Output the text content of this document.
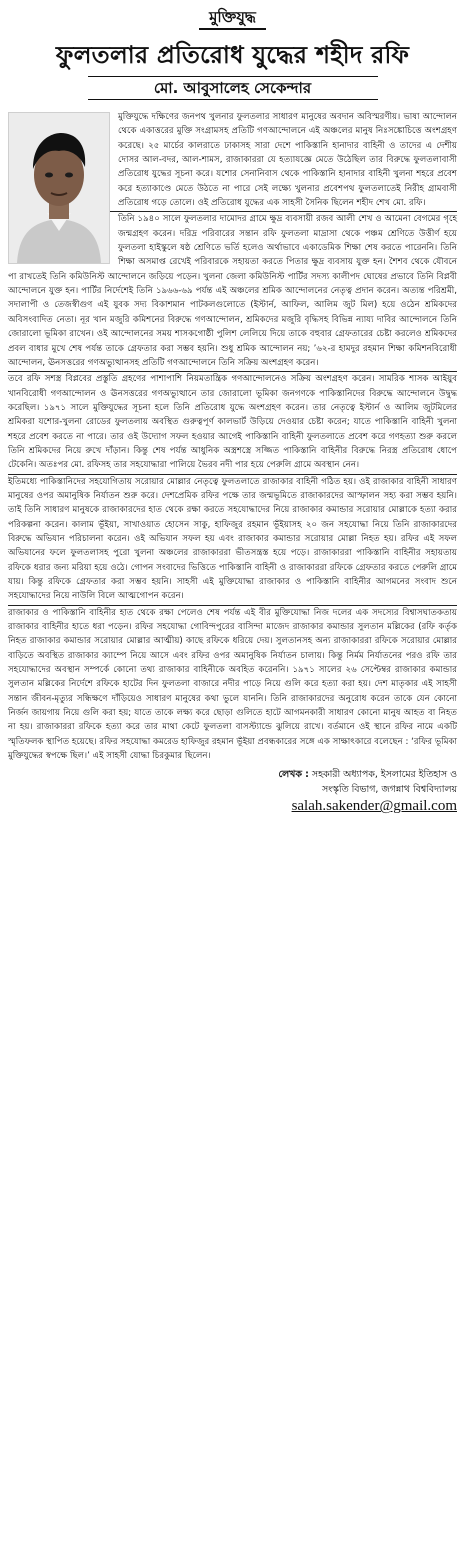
মুক্তিযুদ্ধ
ফুলতলার প্রতিরোধ যুদ্ধের শহীদ রফি
মো. আবুসালেহ সেকেন্দার

মুক্তিযুদ্ধে দক্ষিণের জনপথ খুলনার ফুলতলার সাধারণ মানুষের অবদান অবিস্মরণীয়। ভাষা আন্দোলন থেকে একাত্তরের মুক্তি সংগ্রামসহ প্রতিটি গণআন্দোলনে এই অঞ্চলের মানুষ নিঃসঙ্কোচিত্তে অংশগ্রহণ করেছে। ২৫ মার্চের কালরাতে ঢাকাসহ সারা দেশে পাকিস্তানি হানাদার বাহিনী ও তাদের এ দেশীয় দোসর আল-বদর, আল-শামস, রাজাকাররা যে হত্যাযজ্ঞে মেতে উঠেছিল তার বিরুদ্ধে ফুলতলাবাসী প্রতিরোধ যুদ্ধের সূচনা করে। যশোর সেনানিবাস থেকে পাকিস্তানি হানাদার বাহিনী খুলনা শহরে প্রবেশ করে হত্যাকাণ্ডে মেতে উঠতে না পারে সেই লক্ষ্যে খুলনার প্রবেশপথ ফুলতলাতেই নিরীহ গ্রামবাসী প্রতিরোধ গড়ে তোলে। ওই প্রতিরোধ যুদ্ধের এক সাহসী সৈনিক ছিলেন শহীদ শেখ মো. রফি।

তিনি ১৯৪০ সালে ফুলতলার দামোদর গ্রামে ক্ষুদ্র ব্যবসায়ী রজব আলী শেখ ও আমেনা বেগমের গৃহে জন্মগ্রহণ করেন। দরিদ্র পরিবারের সন্তান রফি ফুলতলা মাদ্রাসা থেকে পঞ্চম শ্রেণিতে উত্তীর্ণ হয়ে ফুলতলা হাইস্কুলে ষষ্ঠ শ্রেণিতে ভর্তি হলেও অর্থাভাবে একাডেমিক শিক্ষা শেষ করতে পারেননি। তিনি শিক্ষা অসমাপ্ত রেখেই পরিবারকে সহায়তা করতে পিতার ক্ষুদ্র ব্যবসায় যুক্ত হন। শৈশব থেকে যৌবনে পা রাখতেই তিনি কমিউনিস্ট আন্দোলনে জড়িয়ে পড়েন। খুলনা জেলা কমিউনিস্ট পার্টির সদস্য কালীপদ ঘোষের প্রভাবে তিনি বিপ্লবী আন্দোলনে যুক্ত হন। পার্টির নির্দেশেই তিনি ১৯৬৬-৬৯ পর্যন্ত এই অঞ্চলের শ্রমিক আন্দোলনের নেতৃত্ব প্রদান করেন। অত্যন্ত পরিশ্রমী, সদালাপী ও তেজস্বীগুণ এই যুবক সদ্য বিকাশমান পাটকলগুলোতে (ইস্টার্ন, আফিল, আলিম জুট মিল) হয়ে ওঠেন শ্রমিকদের অবিসংবাদিত নেতা। নূর খান মজুরি কমিশনের বিরুদ্ধে গণআন্দোলন, শ্রমিকদের মজুরি বৃদ্ধিসহ বিভিন্ন ন্যায্য দাবির আন্দোলনে তিনি জোরালো ভূমিকা রাখেন। ওই আন্দোলনের সময় শাসকগোষ্ঠী পুলিশ লেলিয়ে দিয়ে তাকে বহুবার গ্রেফতারের চেষ্টা করলেও শ্রমিকদের প্রবল বাধার মুখে শেষ পর্যন্ত তাকে গ্রেফতার করা সম্ভব হয়নি। শুধু শ্রমিক আন্দোলন নয়; ’৬২-র হামদুর রহমান শিক্ষা কমিশনবিরোধী আন্দোলন, ঊনসত্তরের গণঅভ্যুত্থানসহ প্রতিটি গণআন্দোলনে তিনি সক্রিয় অংশগ্রহণ করেন।

তবে রফি সশস্ত্র বিপ্লবের প্রস্তুতি গ্রহণের পাশাপাশি নিয়মতান্ত্রিক গণআন্দোলনেও সক্রিয় অংশগ্রহণ করেন। সামরিক শাসক আইয়ুব খানবিরোধী গণআন্দোলন ও ঊনসত্তরের গণঅভ্যুত্থানে তার জোরালো ভূমিকা জনগণকে পাকিস্তানিদের বিরুদ্ধে আন্দোলনে উদ্বুদ্ধ করেছিল। ১৯৭১ সালে মুক্তিযুদ্ধের সূচনা হলে তিনি প্রতিরোধ যুদ্ধে অংশগ্রহণ করেন। তার নেতৃত্বে ইস্টার্ন ও আলিম জুটমিলের শ্রমিকরা যশোর-খুলনা রোডের ফুলতলায় অবস্থিত গুরুত্বপূর্ণ কালভার্ট উড়িয়ে দেওয়ার চেষ্টা করেন; যাতে পাকিস্তানি বাহিনী খুলনা শহরে প্রবেশ করতে না পারে। তার ওই উদ্যোগ সফল হওয়ার আগেই পাকিস্তানি বাহিনী ফুলতলাতে প্রবেশ করে গণহত্যা শুরু করলে তিনি শ্রমিকদের নিয়ে রুখে দাঁড়ান। কিন্তু শেষ পর্যন্ত আধুনিক অস্ত্রশস্ত্রে সজ্জিত পাকিস্তানি বাহিনীর বিরুদ্ধে নিরস্ত্র প্রতিরোধ ধোপে টেকেনি। অতঃপর মো. রফিসহ তার সহযোদ্ধারা পালিয়ে ভৈরব নদী পার হয়ে পেরুলি গ্রামে অবস্থান নেন।

ইতিমধ্যে পাকিস্তানিদের সহযোগিতায় সরোয়ার মোল্লার নেতৃত্বে ফুলতলাতে রাজাকার বাহিনী গঠিত হয়। ওই রাজাকার বাহিনী সাধারণ মানুষের ওপর অমানুষিক নির্যাতন শুরু করে। দেশপ্রেমিক রফির পক্ষে তার জন্মভূমিতে রাজাকারদের আস্ফালন সহ্য করা সম্ভব হয়নি। তাই তিনি সাধারণ মানুষকে রাজাকারদের হাত থেকে রক্ষা করতে সহযোদ্ধাদের নিয়ে রাজাকার কমান্ডার সরোয়ার মোল্লাকে হত্যা করার পরিকল্পনা করেন। কালাম ভূঁইয়া, সাখাওয়াত হোসেন সাকু, হাফিজুর রহমান ভূঁইয়াসহ ২০ জন সহযোদ্ধা নিয়ে তিনি রাজাকারদের বিরুদ্ধে অভিযান পরিচালনা করেন। ওই অভিযান সফল হয় এবং রাজাকার কমান্ডার সরোয়ার মোল্লা নিহত হয়। রফির এই সফল অভিযানের ফলে ফুলতলাসহ পুরো খুলনা অঞ্চলের রাজাকাররা ভীতসন্ত্রস্ত হয়ে পড়ে। রাজাকাররা পাকিস্তানি বাহিনীর সহায়তায় রফিকে ধরার জন্য মরিয়া হয়ে ওঠে। গোপন সংবাদের ভিত্তিতে পাকিস্তানি বাহিনী ও রাজাকাররা রফিকে গ্রেফতার করতে পেরুলি গ্রামে যায়। কিন্তু রফিকে গ্রেফতার করা সম্ভব হয়নি। সাহসী এই মুক্তিযোদ্ধা রাজাকার ও পাকিস্তানি বাহিনীর আগমনের সংবাদ শুনে সহযোদ্ধাদের নিয়ে নাউলি বিলে আত্মগোপন করেন।

রাজাকার ও পাকিস্তানি বাহিনীর হাত থেকে রক্ষা পেলেও শেষ পর্যন্ত এই বীর মুক্তিযোদ্ধা নিজ দলের এক সদস্যের বিশ্বাসঘাতকতায় রাজাকার বাহিনীর হাতে ধরা পড়েন। রফির সহযোদ্ধা গোবিন্দপুরের বাসিন্দা মাজেদ রাজাকার কমান্ডার সুলতান মল্লিকের (রফি কর্তৃক নিহত রাজাকার কমান্ডার সরোয়ার মোল্লার আত্মীয়) কাছে রফিকে ধরিয়ে দেয়। সুলতানসহ অন্য রাজাকাররা রফিকে সরোয়ার মোল্লার বাড়িতে অবস্থিত রাজাকার ক্যাম্পে নিয়ে আসে এবং রফির ওপর অমানুষিক নির্যাতন চালায়। কিন্তু নির্মম নির্যাতনের পরও রফি তার সহযোদ্ধাদের অবস্থান সম্পর্কে কোনো তথ্য রাজাকার বাহিনীকে অবহিত করেননি। ১৯৭১ সালের ২৬ সেপ্টেম্বর রাজাকার কমান্ডার সুলতান মল্লিকের নির্দেশে রফিকে হাটের দিন ফুলতলা বাজারে নদীর পাড়ে নিয়ে গুলি করে হত্যা করা হয়। দেশ মাতৃকার এই সাহসী সন্তান জীবন-মৃত্যুর সন্ধিক্ষণে দাঁড়িয়েও সাধারণ মানুষের কথা ভুলে যাননি। তিনি রাজাকারদের অনুরোধ করেন তাকে যেন কোনো নির্জন জায়গায় নিয়ে গুলি করা হয়; যাতে তাকে লক্ষ্য করে ছোড়া গুলিতে হাটে আগমনকারী সাধারণ কোনো মানুষ আহত বা নিহত না হয়। রাজাকাররা রফিকে হত্যা করে তার মাথা কেটে ফুলতলা বাসস্ট্যান্ডে ঝুলিয়ে রাখে। বর্তমানে ওই স্থানে রফির নামে একটি স্মৃতিফলক স্থাপিত হয়েছে। রফির সহযোদ্ধা কমরেড হাফিজুর রহমান ভূঁইয়া প্রবন্ধকারের সঙ্গে এক সাক্ষাৎকারে বলেছেন : ‘রফির ভূমিকা মুক্তিযুদ্ধের স্বপক্ষে ছিল।’ এই সাহসী যোদ্ধা চিরকুমার ছিলেন।

লেখক : সহকারী অধ্যাপক, ইসলামের ইতিহাস ও
সংস্কৃতি বিভাগ, জগন্নাথ বিশ্ববিদ্যালয়
salah.sakender@gmail.com
